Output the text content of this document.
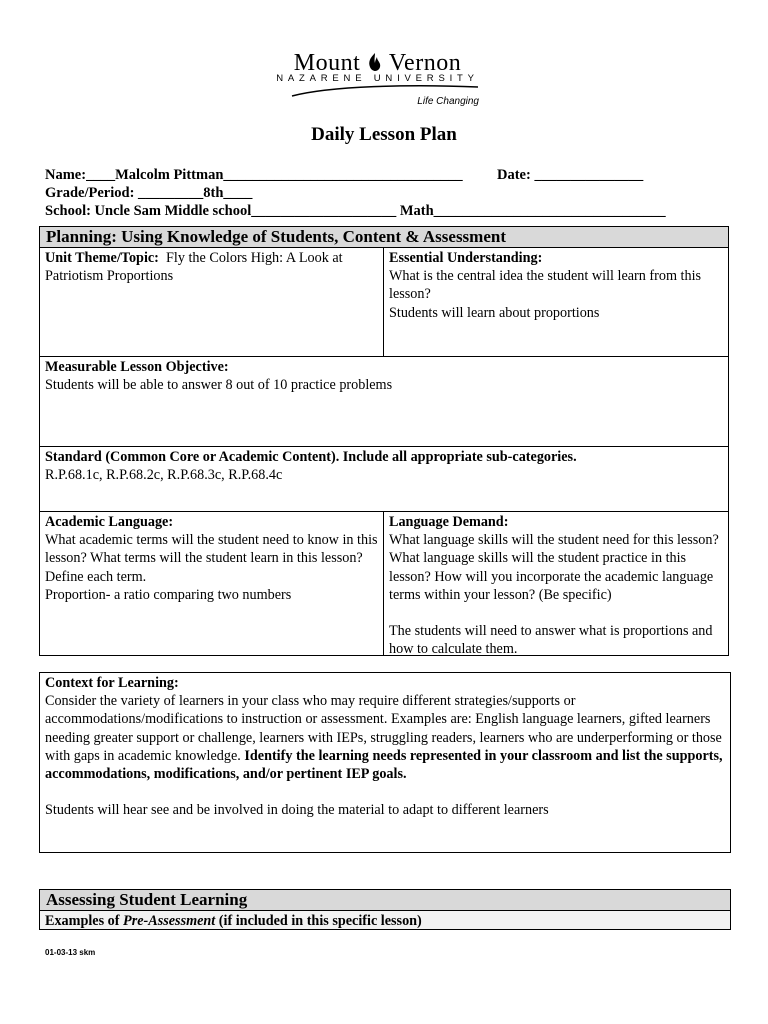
Mount Vernon
NAZARENE UNIVERSITY
Life Changing
Daily Lesson Plan
Name:____Malcolm Pittman_________________________________ Date: _______________
Grade/Period: _________8th____
School: Uncle Sam Middle school____________________ Math________________________________
Planning: Using Knowledge of Students, Content & Assessment
Unit Theme/Topic: Fly the Colors High: A Look at Patriotism Proportions
Essential Understanding:
What is the central idea the student will learn from this lesson?
Students will learn about proportions
Measurable Lesson Objective:
Students will be able to answer 8 out of 10 practice problems
Standard (Common Core or Academic Content). Include all appropriate sub-categories.
R.P.68.1c, R.P.68.2c, R.P.68.3c, R.P.68.4c
Academic Language:
What academic terms will the student need to know in this lesson? What terms will the student learn in this lesson? Define each term.
Proportion- a ratio comparing two numbers
Language Demand:
What language skills will the student need for this lesson? What language skills will the student practice in this lesson? How will you incorporate the academic language terms within your lesson? (Be specific)
The students will need to answer what is proportions and how to calculate them.
Context for Learning:
Consider the variety of learners in your class who may require different strategies/supports or accommodations/modifications to instruction or assessment. Examples are: English language learners, gifted learners needing greater support or challenge, learners with IEPs, struggling readers, learners who are underperforming or those with gaps in academic knowledge. Identify the learning needs represented in your classroom and list the supports, accommodations, modifications, and/or pertinent IEP goals.
Students will hear see and be involved in doing the material to adapt to different learners
Assessing Student Learning
Examples of Pre-Assessment (if included in this specific lesson)
01-03-13 skm
